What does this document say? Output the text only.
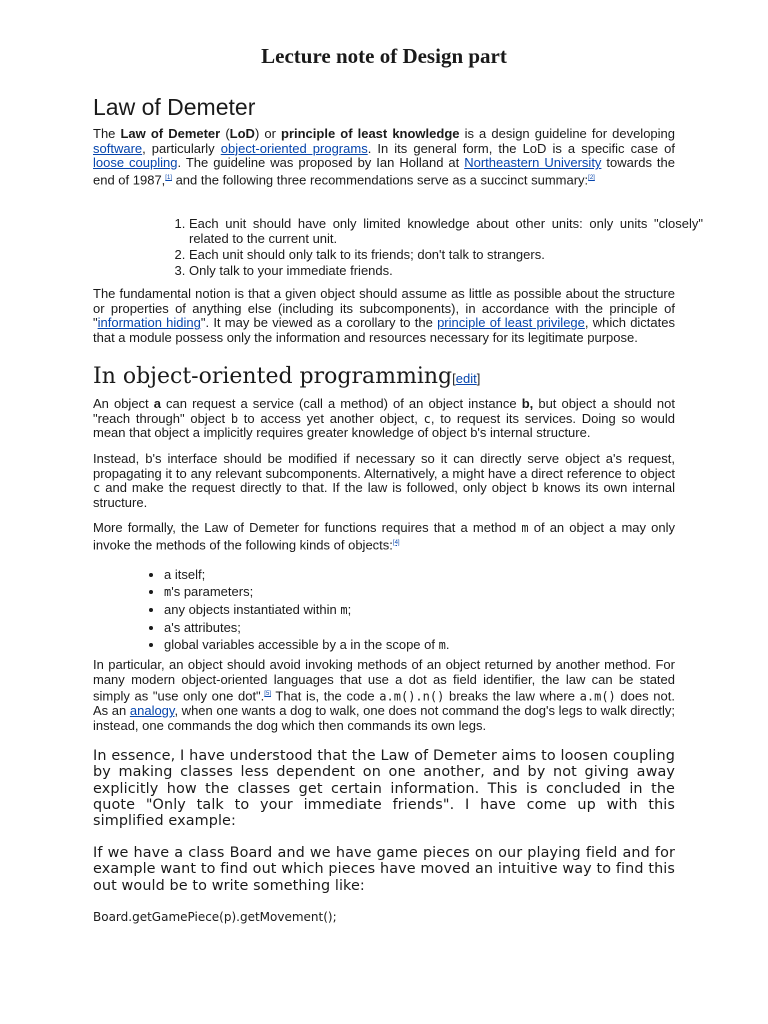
Lecture note of Design part
Law of Demeter

The Law of Demeter (LoD) or principle of least knowledge is a design guideline for developing software, particularly object-oriented programs. In its general form, the LoD is a specific case of loose coupling. The guideline was proposed by Ian Holland at Northeastern University towards the end of 1987,[1] and the following three recommendations serve as a succinct summary:[2]

1. Each unit should have only limited knowledge about other units: only units "closely" related to the current unit.
2. Each unit should only talk to its friends; don't talk to strangers.
3. Only talk to your immediate friends.

The fundamental notion is that a given object should assume as little as possible about the structure or properties of anything else (including its subcomponents), in accordance with the principle of "information hiding". It may be viewed as a corollary to the principle of least privilege, which dictates that a module possess only the information and resources necessary for its legitimate purpose.

In object-oriented programming[edit]

An object a can request a service (call a method) of an object instance b, but object a should not "reach through" object b to access yet another object, c, to request its services. Doing so would mean that object a implicitly requires greater knowledge of object b's internal structure.

Instead, b's interface should be modified if necessary so it can directly serve object a's request, propagating it to any relevant subcomponents. Alternatively, a might have a direct reference to object c and make the request directly to that. If the law is followed, only object b knows its own internal structure.

More formally, the Law of Demeter for functions requires that a method m of an object a may only invoke the methods of the following kinds of objects:[4]

• a itself;
• m's parameters;
• any objects instantiated within m;
• a's attributes;
• global variables accessible by a in the scope of m.

In particular, an object should avoid invoking methods of an object returned by another method. For many modern object-oriented languages that use a dot as field identifier, the law can be stated simply as "use only one dot".[5] That is, the code a.m().n() breaks the law where a.m() does not. As an analogy, when one wants a dog to walk, one does not command the dog's legs to walk directly; instead, one commands the dog which then commands its own legs.

In essence, I have understood that the Law of Demeter aims to loosen coupling by making classes less dependent on one another, and by not giving away explicitly how the classes get certain information. This is concluded in the quote "Only talk to your immediate friends". I have come up with this simplified example:

If we have a class Board and we have game pieces on our playing field and for example want to find out which pieces have moved an intuitive way to find this out would be to write something like:

Board.getGamePiece(p).getMovement();
